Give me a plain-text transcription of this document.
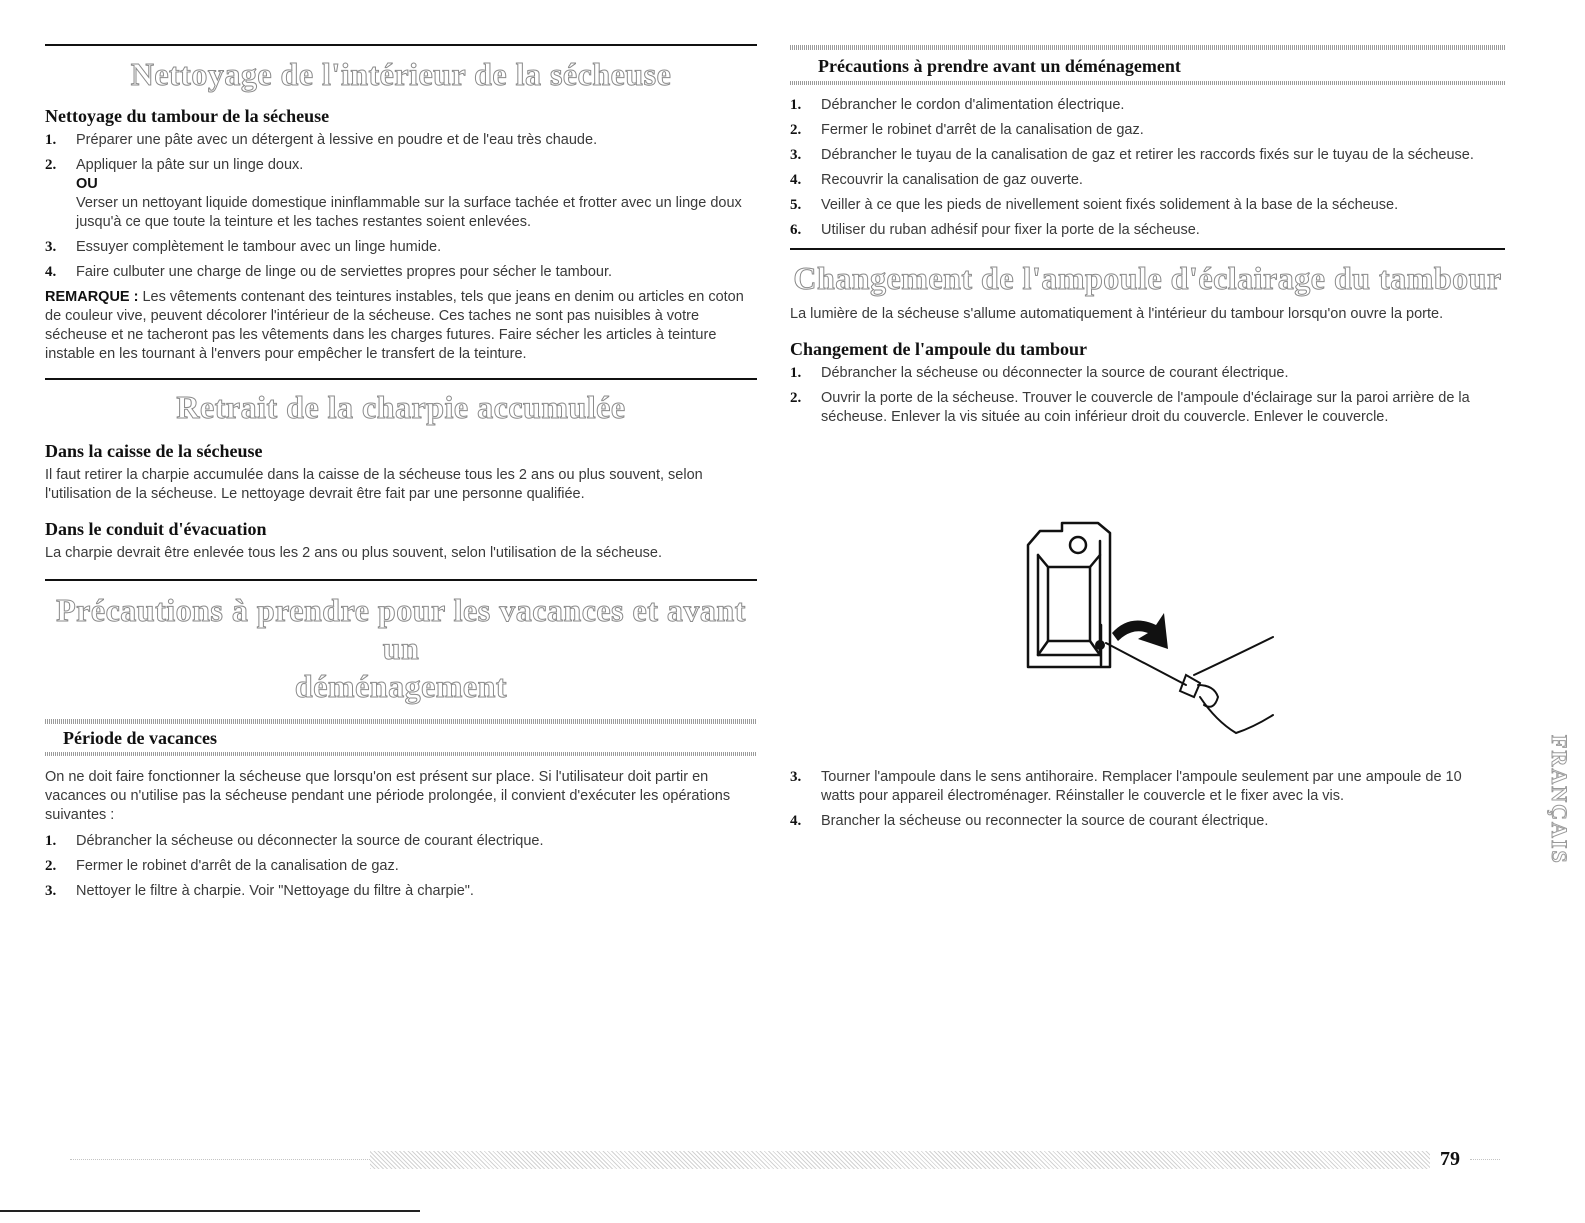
Nettoyage de l'intérieur de la sécheuse
Nettoyage du tambour de la sécheuse
1. Préparer une pâte avec un détergent à lessive en poudre et de l'eau très chaude.
2. Appliquer la pâte sur un linge doux.
OU
Verser un nettoyant liquide domestique ininflammable sur la surface tachée et frotter avec un linge doux jusqu'à ce que toute la teinture et les taches restantes soient enlevées.
3. Essuyer complètement le tambour avec un linge humide.
4. Faire culbuter une charge de linge ou de serviettes propres pour sécher le tambour.

REMARQUE : Les vêtements contenant des teintures instables, tels que jeans en denim ou articles en coton de couleur vive, peuvent décolorer l'intérieur de la sécheuse. Ces taches ne sont pas nuisibles à votre sécheuse et ne tacheront pas les vêtements dans les charges futures. Faire sécher les articles à teinture instable en les tournant à l'envers pour empêcher le transfert de la teinture.

Retrait de la charpie accumulée
Dans la caisse de la sécheuse

Il faut retirer la charpie accumulée dans la caisse de la sécheuse tous les 2 ans ou plus souvent, selon l'utilisation de la sécheuse. Le nettoyage devrait être fait par une personne qualifiée.

Dans le conduit d'évacuation

La charpie devrait être enlevée tous les 2 ans ou plus souvent, selon l'utilisation de la sécheuse.

Précautions à prendre pour les vacances et avant un
déménagement
Période de vacances

On ne doit faire fonctionner la sécheuse que lorsqu'on est présent sur place. Si l'utilisateur doit partir en vacances ou n'utilise pas la sécheuse pendant une période prolongée, il convient d'exécuter les opérations suivantes :

1. Débrancher la sécheuse ou déconnecter la source de courant électrique.
2. Fermer le robinet d'arrêt de la canalisation de gaz.
3. Nettoyer le filtre à charpie. Voir "Nettoyage du filtre à charpie".
Précautions à prendre avant un déménagement
1. Débrancher le cordon d'alimentation électrique.
2. Fermer le robinet d'arrêt de la canalisation de gaz.
3. Débrancher le tuyau de la canalisation de gaz et retirer les raccords fixés sur le tuyau de la sécheuse.
4. Recouvrir la canalisation de gaz ouverte.
5. Veiller à ce que les pieds de nivellement soient fixés solidement à la base de la sécheuse.
6. Utiliser du ruban adhésif pour fixer la porte de la sécheuse.
Changement de l'ampoule d'éclairage du tambour

La lumière de la sécheuse s'allume automatiquement à l'intérieur du tambour lorsqu'on ouvre la porte.

Changement de l'ampoule du tambour
1. Débrancher la sécheuse ou déconnecter la source de courant électrique.
2. Ouvrir la porte de la sécheuse. Trouver le couvercle de l'ampoule d'éclairage sur la paroi arrière de la sécheuse. Enlever la vis située au coin inférieur droit du couvercle. Enlever le couvercle.
3. Tourner l'ampoule dans le sens antihoraire. Remplacer l'ampoule seulement par une ampoule de 10 watts pour appareil électroménager. Réinstaller le couvercle et le fixer avec la vis.
4. Brancher la sécheuse ou reconnecter la source de courant électrique.	FRANÇAIS
79
